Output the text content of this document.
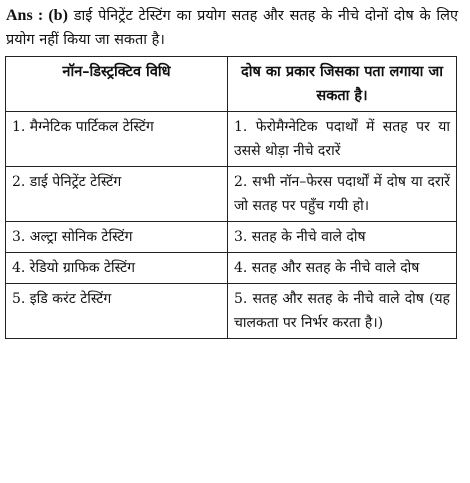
Ans : (b) डाई पेनिट्रेंट टेस्टिंग का प्रयोग सतह और सतह के नीचे दोनों दोष के लिए प्रयोग नहीं किया जा सकता है।
नॉन–डिस्ट्रक्टिव विधि	दोष का प्रकार जिसका पता लगाया जा सकता है।
1. मैग्नेटिक पार्टिकल टेस्टिंग	1. फेरोमैग्नेटिक पदार्थों में सतह पर या उससे थोड़ा नीचे दरारें
2. डाई पेनिट्रेंट टेस्टिंग	2. सभी नॉन–फेरस पदार्थों में दोष या दरारें जो सतह पर पहुँच गयी हो।
3. अल्ट्रा सोनिक टेस्टिंग	3. सतह के नीचे वाले दोष
4. रेडियो ग्राफिक टेस्टिंग	4. सतह और सतह के नीचे वाले दोष
5. इडि करंट टेस्टिंग	5. सतह और सतह के नीचे वाले दोष (यह चालकता पर निर्भर करता है।)
